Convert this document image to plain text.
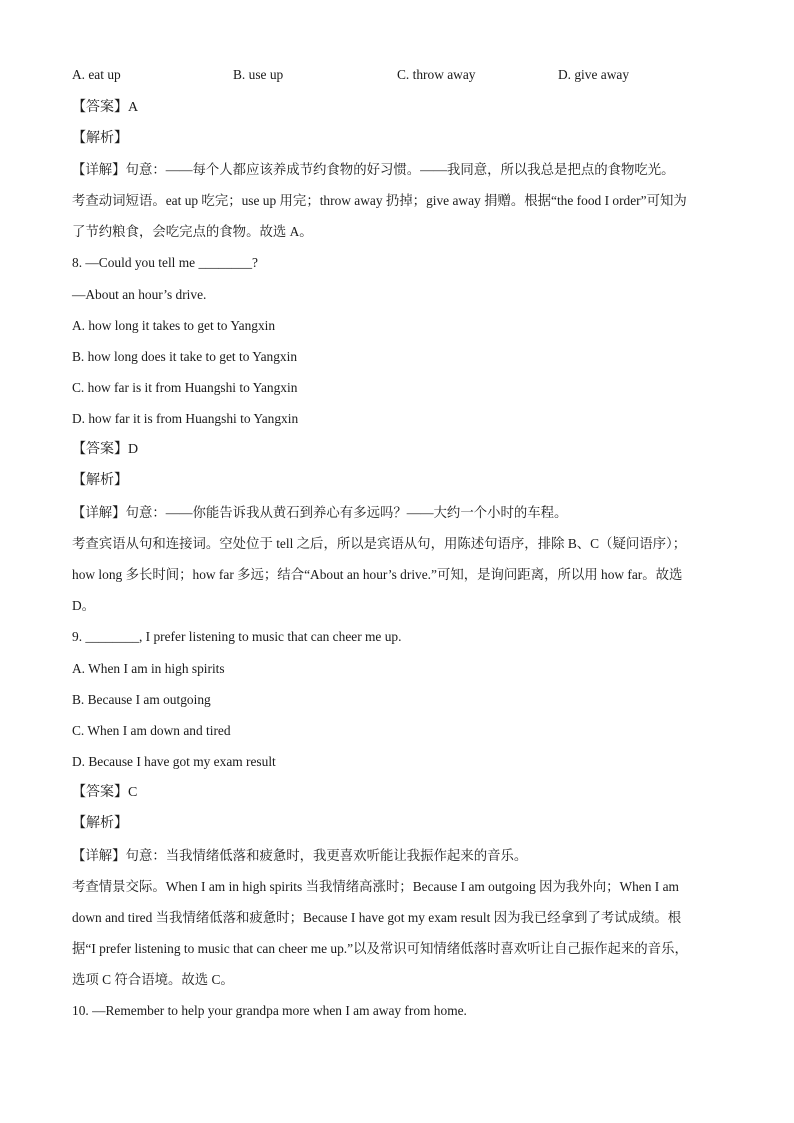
A. eat up	B. use up	C. throw away	D. give away
【答案】A
【解析】
【详解】句意：——每个人都应该养成节约食物的好习惯。——我同意，所以我总是把点的食物吃光。
考查动词短语。eat up 吃完；use up 用完；throw away 扔掉；give away 捐赠。根据“the food I order”可知为
了节约粮食，会吃完点的食物。故选 A。
8. —Could you tell me ________?
—About an hour’s drive.
A. how long it takes to get to Yangxin
B. how long does it take to get to Yangxin
C. how far is it from Huangshi to Yangxin
D. how far it is from Huangshi to Yangxin
【答案】D
【解析】
【详解】句意：——你能告诉我从黄石到养心有多远吗？——大约一个小时的车程。
考查宾语从句和连接词。空处位于 tell 之后，所以是宾语从句，用陈述句语序，排除 B、C（疑问语序）；
how long 多长时间；how far 多远；结合“About an hour’s drive.”可知，是询问距离，所以用 how far。故选
D。
9. ________, I prefer listening to music that can cheer me up.
A. When I am in high spirits
B. Because I am outgoing
C. When I am down and tired
D. Because I have got my exam result
【答案】C
【解析】
【详解】句意：当我情绪低落和疲惫时，我更喜欢听能让我振作起来的音乐。
考查情景交际。When I am in high spirits 当我情绪高涨时；Because I am outgoing 因为我外向；When I am
down and tired 当我情绪低落和疲惫时；Because I have got my exam result 因为我已经拿到了考试成绩。根
据“I prefer listening to music that can cheer me up.”以及常识可知情绪低落时喜欢听让自己振作起来的音乐，
选项 C 符合语境。故选 C。
10. —Remember to help your grandpa more when I am away from home.
